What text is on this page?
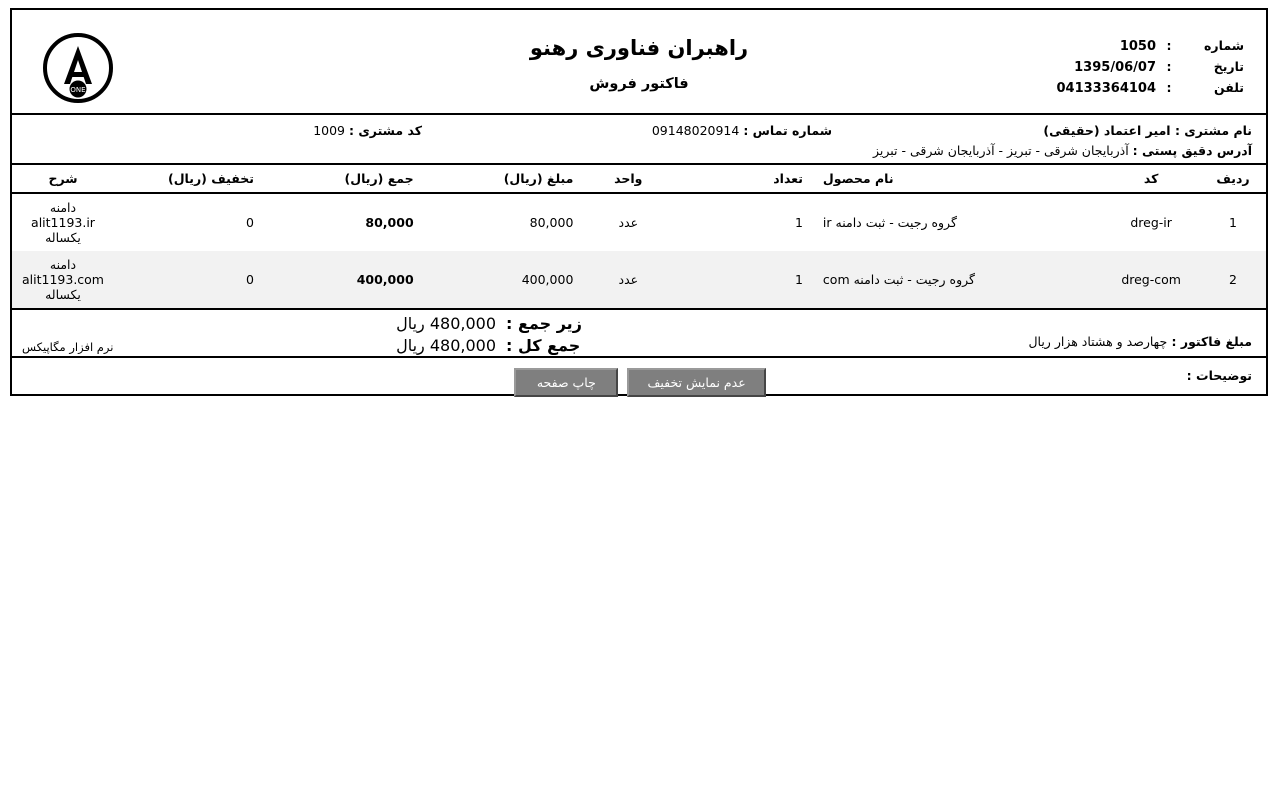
شماره
:
1050
تاریخ
:
1395/06/07
تلفن
:
04133364104
راهبران فناوری رهنو
فاکتور فروش
ONE
نام مشتری : امیر اعتماد (حقیقی)
شماره تماس : 09148020914
کد مشتری : 1009
آدرس دقیق پستی : آذربایجان شرقی - تبریز - آذربایجان شرقی - تبریز
ردیف	کد	نام محصول	تعداد	واحد	مبلغ (ریال)	جمع (ریال)	تخفیف (ریال)	شرح
1	dreg-ir	گروه رجیت - ثبت دامنه ir	1	عدد	80,000	80,000	0	دامنه alit1193.ir یکساله
2	dreg-com	گروه رجیت - ثبت دامنه com	1	عدد	400,000	400,000	0	دامنه alit1193.com یکساله
مبلغ فاکتور : چهارصد و هشتاد هزار ریال
زیر جمع :
480,000 ریال
جمع کل :
480,000 ریال
توضیحات :
نرم افزار مگاپیکس
عدم نمایش تخفیف چاپ صفحه
